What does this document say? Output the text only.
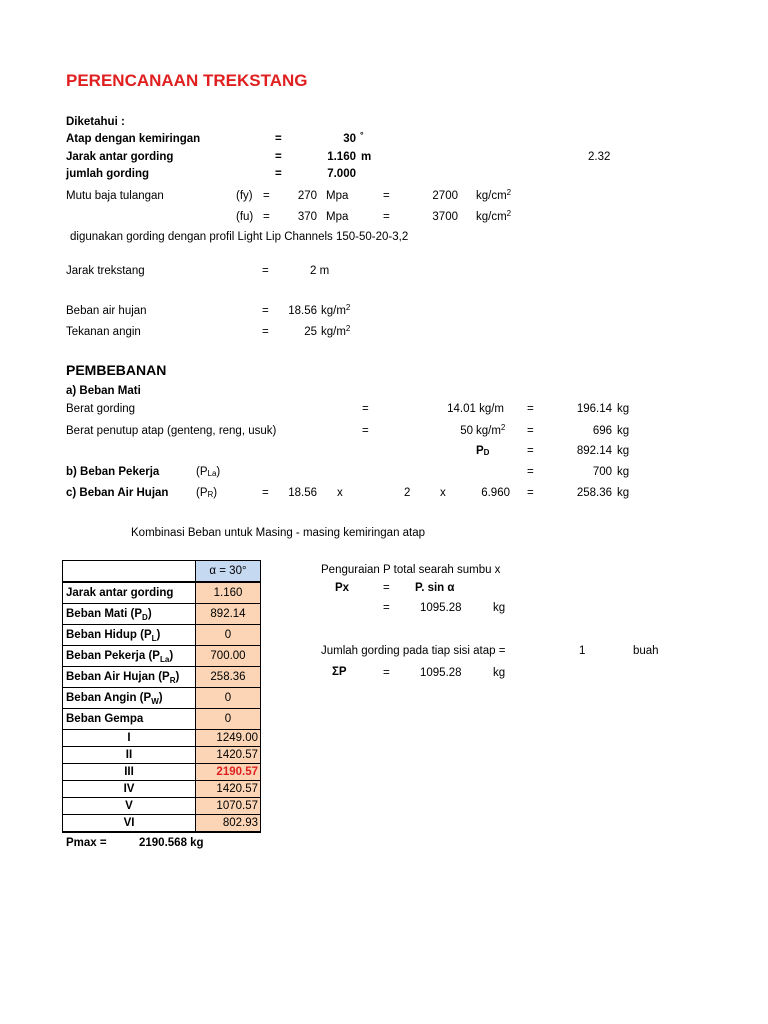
PERENCANAAN TREKSTANG
Diketahui :
Atap dengan kemiringan	=	30 °
Jarak antar gording	=	1.160 m	2.32
jumlah gording	=	7.000
Mutu baja tulangan	(fy) =	270 Mpa	=	2700 $kg/cm^2$
(fu) =	370 Mpa	=	3700 $kg/cm^2$
digunakan gording dengan profil Light Lip Channels 150-50-20-3,2
Jarak trekstang	=	2 m
Beban air hujan	=	18.56 $kg/m^2$
Tekanan angin	=	25 $kg/m^2$
PEMBEBANAN
a) Beban Mati
Berat gording	=	14.01 kg/m =	196.14 kg
Berat penutup atap (genteng, reng, usuk)	=	50 $kg/m^2$ =	696 kg
$P_D$	=	892.14 kg
b) Beban Pekerja	$(P_{La})$	=	700 kg
c) Beban Air Hujan $(P_R)$	=	18.56 x	2	x	6.960 =	258.36 kg
Kombinasi Beban untuk Masing - masing kemiringan atap
	α = 30°
Jarak antar gording	1.160
Beban Mati $(P_D)$	892.14
Beban Hidup $(P_L)$	0
Beban Pekerja $(P_{La})$	700.00
Beban Air Hujan $(P_R)$	258.36
Beban Angin $(P_W)$	0
Beban Gempa	0
I	1249.00
II	1420.57
III	2190.57
IV	1420.57
V	1070.57
VI	802.93
Pmax =	2190.568 kg
Penguraian P total searah sumbu x
Px	= P. sin α
=	1095.28	kg
Jumlah gording pada tiap sisi atap =	1	buah
ΣP	=	1095.28	kg
